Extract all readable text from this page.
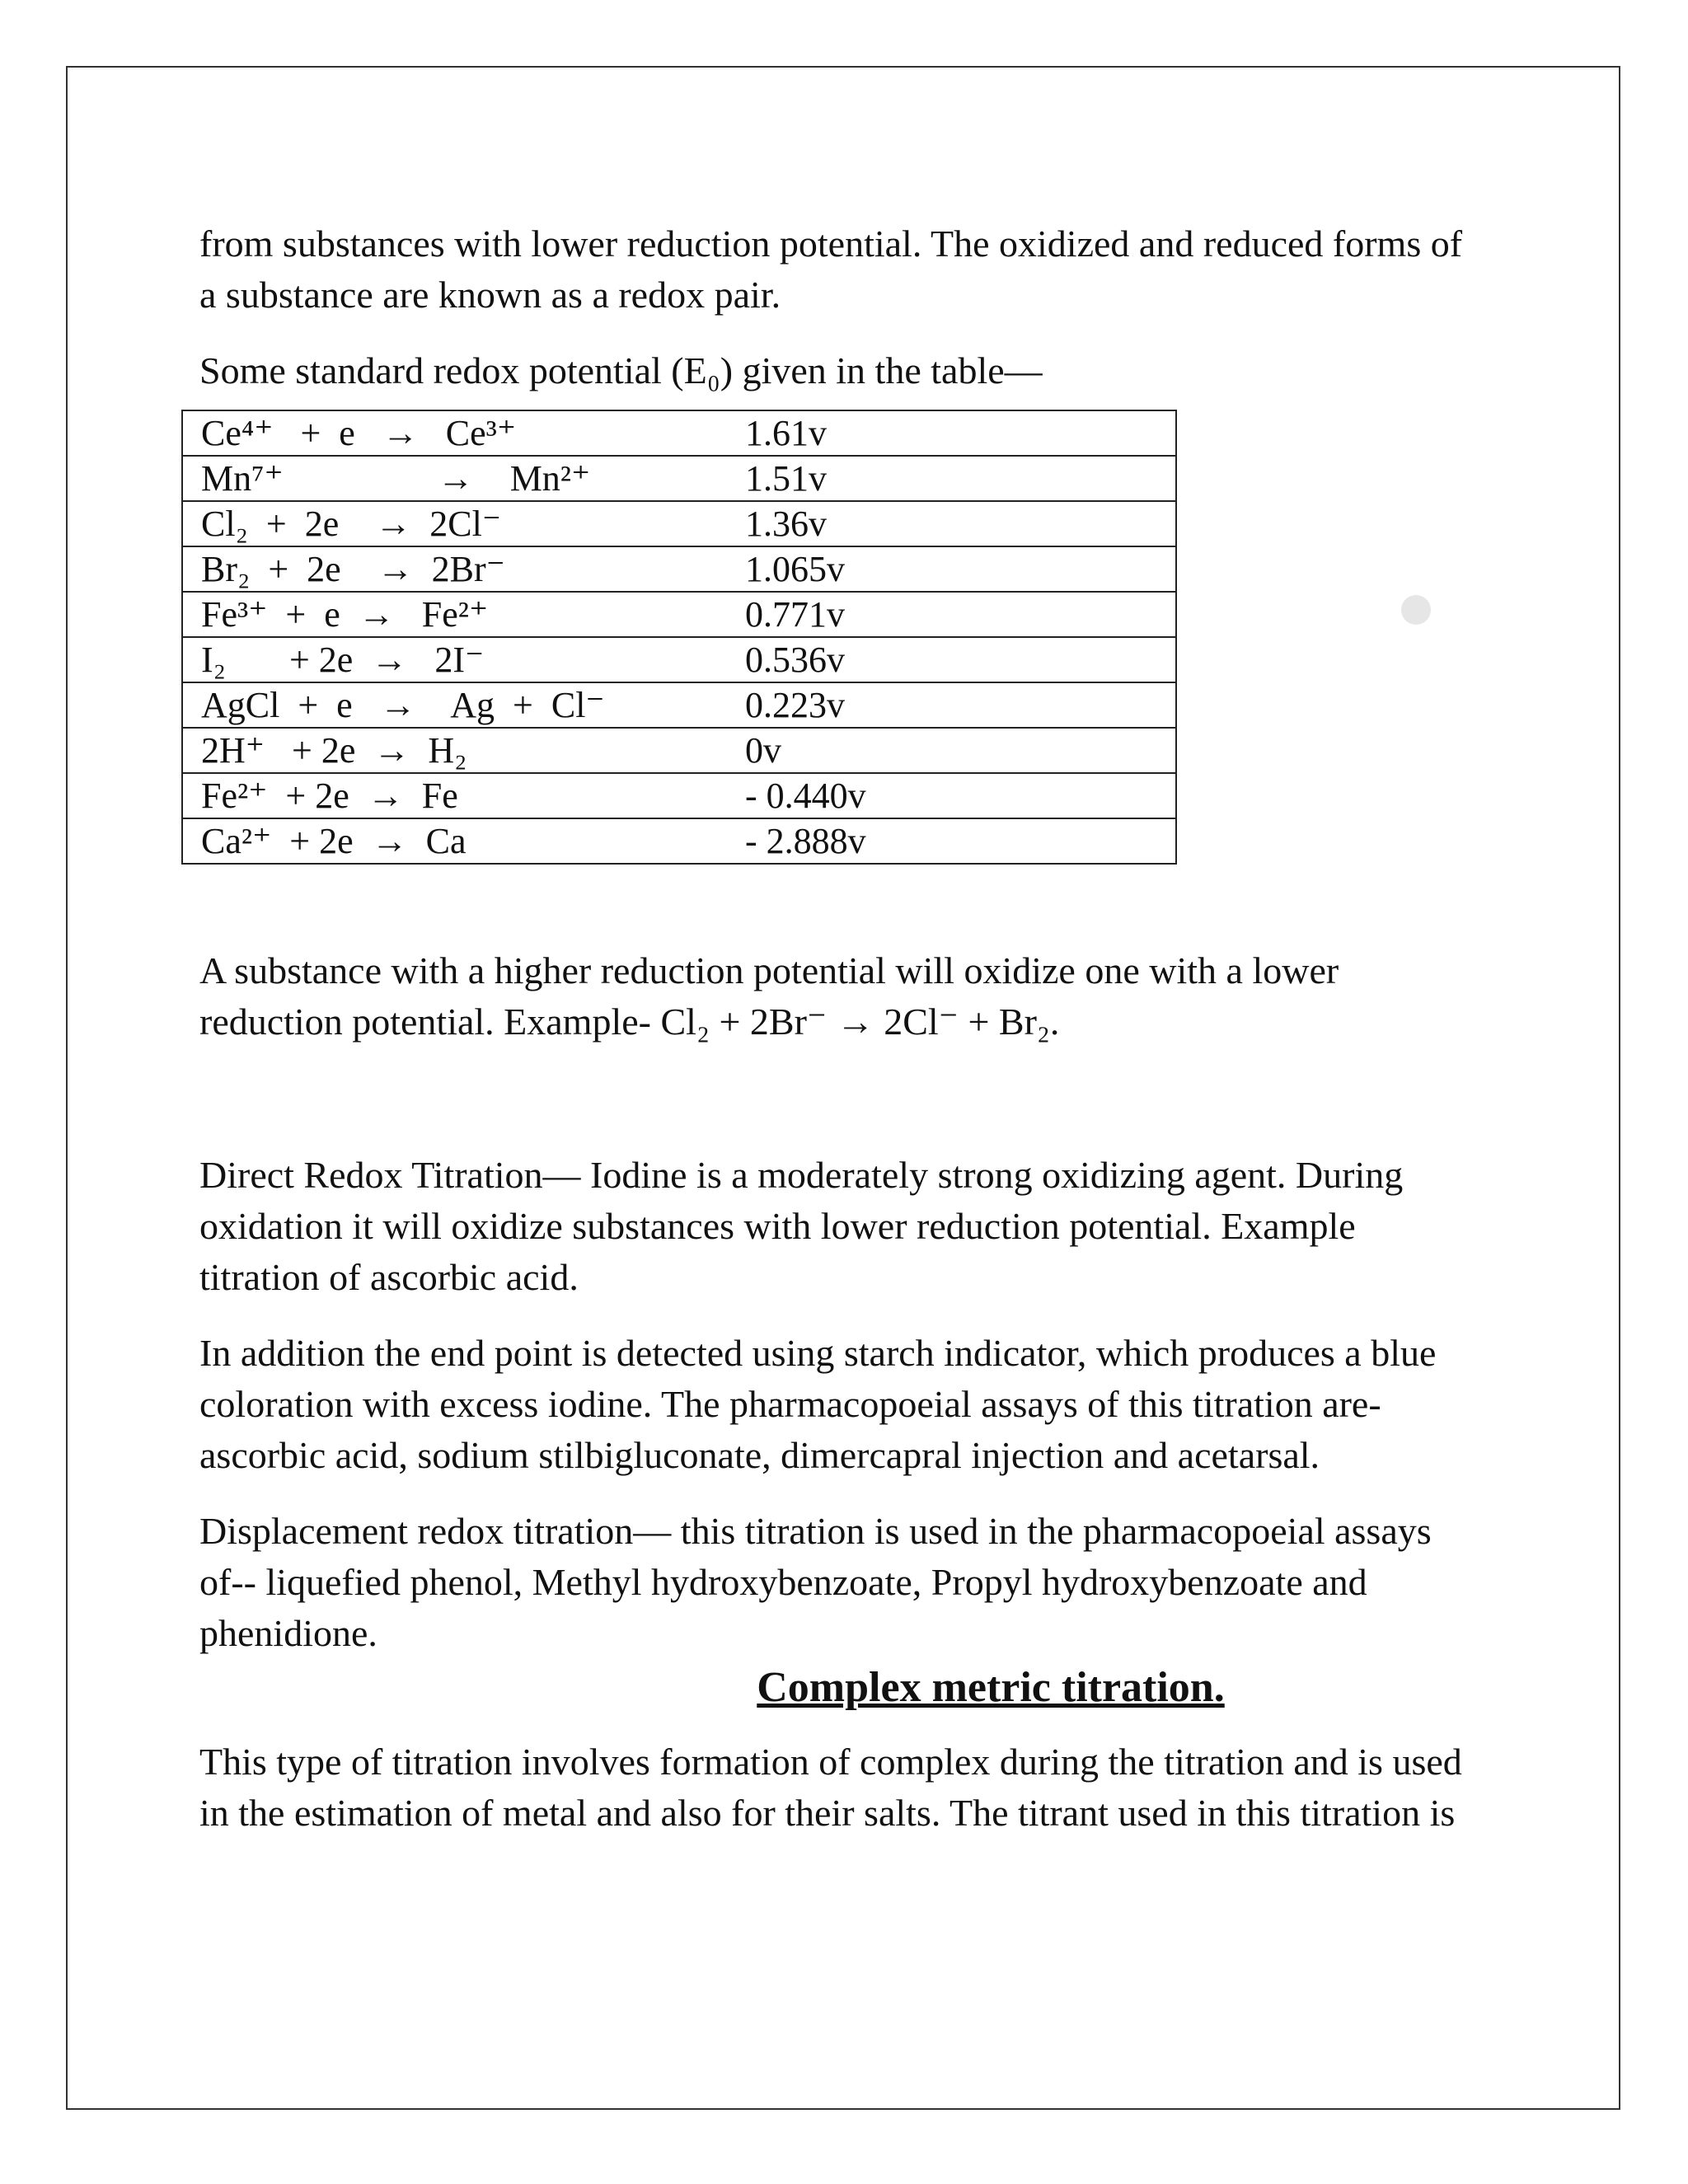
from substances with lower reduction potential. The oxidized and reduced forms of
a substance are known as a redox pair.

Some standard redox potential (E₀) given in the table—

Ce⁴⁺   +  e   →   Ce³⁺	1.61v
Mn⁷⁺                 →    Mn²⁺	1.51v
Cl₂  +  2e    →  2Cl⁻	1.36v
Br₂  +  2e    →  2Br⁻	1.065v
Fe³⁺  +  e  →   Fe²⁺	0.771v
I₂       + 2e  →   2I⁻	0.536v
AgCl  +  e   →    Ag  +  Cl⁻	0.223v
2H⁺   + 2e  →  H₂	0v
Fe²⁺  + 2e  →  Fe	- 0.440v
Ca²⁺  + 2e  →  Ca	- 2.888v

A substance with a higher reduction potential will oxidize one with a lower
reduction potential. Example- Cl₂ + 2Br⁻ → 2Cl⁻ + Br₂.

Direct Redox Titration— Iodine is a moderately strong oxidizing agent. During
oxidation it will oxidize substances with lower reduction potential. Example
titration of ascorbic acid.

In addition the end point is detected using starch indicator, which produces a blue
coloration with excess iodine. The pharmacopoeial assays of this titration are-
ascorbic acid, sodium stilbigluconate, dimercapral injection and acetarsal.

Displacement redox titration— this titration is used in the pharmacopoeial assays
of-- liquefied phenol, Methyl hydroxybenzoate, Propyl hydroxybenzoate and
phenidione.

Complex metric titration.

This type of titration involves formation of complex during the titration and is used
in the estimation of metal and also for their salts. The titrant used in this titration is
